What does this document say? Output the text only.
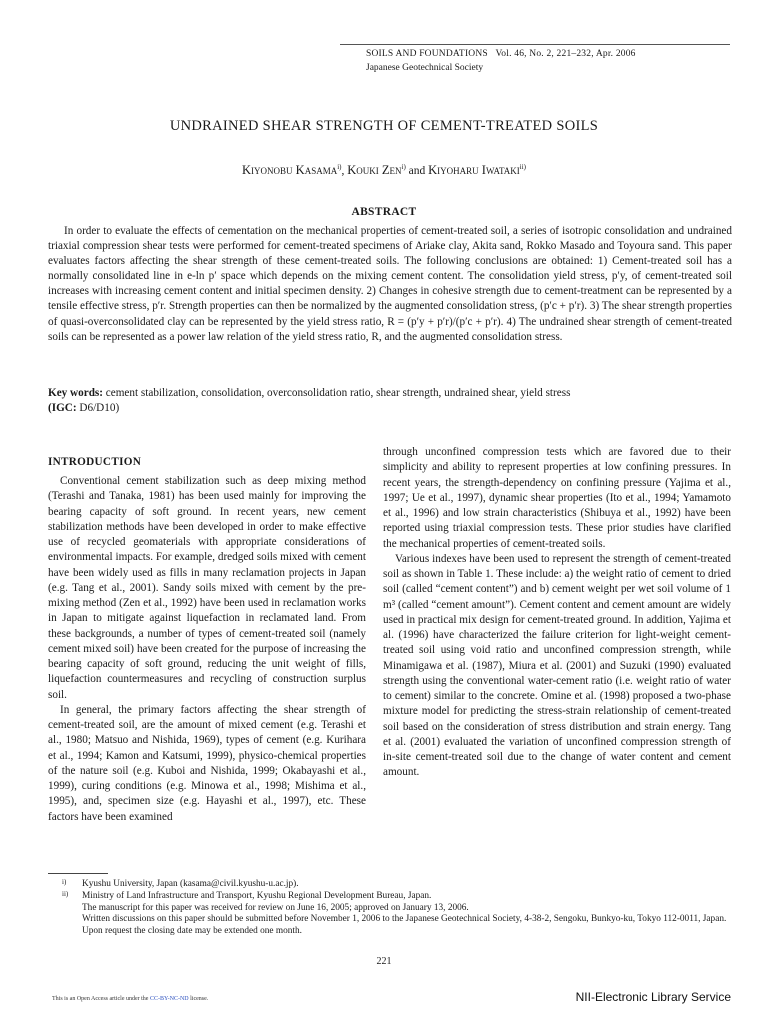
SOILS AND FOUNDATIONS Vol. 46, No. 2, 221–232, Apr. 2006
Japanese Geotechnical Society
UNDRAINED SHEAR STRENGTH OF CEMENT-TREATED SOILS
Kiyonobu Kasama$^{i)}$, Kouki Zen$^{i)}$ and Kiyoharu Iwataki$^{ii)}$
ABSTRACT

In order to evaluate the effects of cementation on the mechanical properties of cement-treated soil, a series of isotropic consolidation and undrained triaxial compression shear tests were performed for cement-treated specimens of Ariake clay, Akita sand, Rokko Masado and Toyoura sand. This paper evaluates factors affecting the shear strength of these cement-treated soils. The following conclusions are obtained: 1) Cement-treated soil has a normally consolidated line in e-ln p′ space which depends on the mixing cement content. The consolidation yield stress, p′y, of cement-treated soil increases with increasing cement content and initial specimen density. 2) Changes in cohesive strength due to cement-treatment can be represented by a tensile effective stress, p′r. Strength properties can then be normalized by the augmented consolidation stress, (p′c + p′r). 3) The shear strength properties of quasi-overconsolidated clay can be represented by the yield stress ratio, R = (p′y + p′r)/(p′c + p′r). 4) The undrained shear strength of cement-treated soils can be represented as a power law relation of the yield stress ratio, R, and the augmented consolidation stress.

Key words: cement stabilization, consolidation, overconsolidation ratio, shear strength, undrained shear, yield stress
(IGC: D6/D10)

INTRODUCTION

Conventional cement stabilization such as deep mixing method (Terashi and Tanaka, 1981) has been used mainly for improving the bearing capacity of soft ground. In recent years, new cement stabilization methods have been developed in order to make effective use of recycled geomaterials with appropriate considerations of environmental impacts. For example, dredged soils mixed with cement have been widely used as fills in many reclamation projects in Japan (e.g. Tang et al., 2001). Sandy soils mixed with cement by the pre-mixing method (Zen et al., 1992) have been used in reclamation works in Japan to mitigate against liquefaction in reclamated land. From these backgrounds, a number of types of cement-treated soil (namely cement mixed soil) have been created for the purpose of increasing the bearing capacity of soft ground, reducing the unit weight of fills, liquefaction countermeasures and recycling of construction surplus soil.

In general, the primary factors affecting the shear strength of cement-treated soil, are the amount of mixed cement (e.g. Terashi et al., 1980; Matsuo and Nishida, 1969), types of cement (e.g. Kurihara et al., 1994; Kamon and Katsumi, 1999), physico-chemical properties of the nature soil (e.g. Kuboi and Nishida, 1999; Okabayashi et al., 1999), curing conditions (e.g. Minowa et al., 1998; Mishima et al., 1995), and, specimen size (e.g. Hayashi et al., 1997), etc. These factors have been examined

through unconfined compression tests which are favored due to their simplicity and ability to represent properties at low confining pressures. In recent years, the strength-dependency on confining pressure (Yajima et al., 1997; Ue et al., 1997), dynamic shear properties (Ito et al., 1994; Yamamoto et al., 1996) and low strain characteristics (Shibuya et al., 1992) have been reported using triaxial compression tests. These prior studies have clarified the mechanical properties of cement-treated soils.

Various indexes have been used to represent the strength of cement-treated soil as shown in Table 1. These include: a) the weight ratio of cement to dried soil (called “cement content”) and b) cement weight per wet soil volume of 1 m³ (called “cement amount”). Cement content and cement amount are widely used in practical mix design for cement-treated ground. In addition, Yajima et al. (1996) have characterized the failure criterion for light-weight cement-treated soil using void ratio and unconfined compression strength, while Minamigawa et al. (1987), Miura et al. (2001) and Suzuki (1990) evaluated strength using the conventional water-cement ratio (i.e. weight ratio of water to cement) similar to the concrete. Omine et al. (1998) proposed a two-phase mixture model for predicting the stress-strain relationship of cement-treated soil based on the consideration of stress distribution and strain energy. Tang et al. (2001) evaluated the variation of unconfined compression strength of in-site cement-treated soil due to the change of water content and cement amount.

i) Kyushu University, Japan (kasama@civil.kyushu-u.ac.jp).

ii) Ministry of Land Infrastructure and Transport, Kyushu Regional Development Bureau, Japan.

The manuscript for this paper was received for review on June 16, 2005; approved on January 13, 2006.

Written discussions on this paper should be submitted before November 1, 2006 to the Japanese Geotechnical Society, 4-38-2, Sengoku, Bunkyo-ku, Tokyo 112-0011, Japan. Upon request the closing date may be extended one month.

221
This is an Open Access article under the CC-BY-NC-ND license.	NII-Electronic Library Service
